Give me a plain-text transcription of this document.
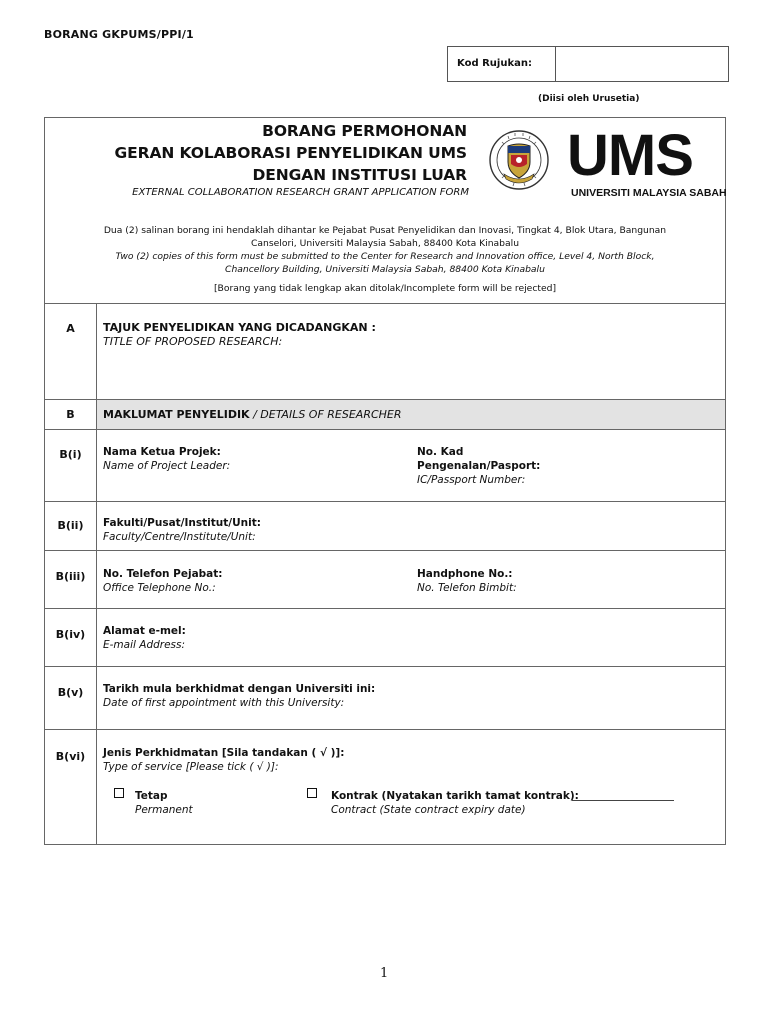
BORANG GKPUMS/PPI/1
Kod Rujukan:
(Diisi oleh Urusetia)
BORANG PERMOHONAN
GERAN KOLABORASI PENYELIDIKAN UMS
DENGAN INSTITUSI LUAR
EXTERNAL COLLABORATION RESEARCH GRANT APPLICATION FORM
UMS
UNIVERSITI MALAYSIA SABAH
Dua (2) salinan borang ini hendaklah dihantar ke Pejabat Pusat Penyelidikan dan Inovasi, Tingkat 4, Blok Utara, Bangunan
Canselori, Universiti Malaysia Sabah, 88400 Kota Kinabalu
Two (2) copies of this form must be submitted to the Center for Research and Innovation office, Level 4, North Block,
Chancellory Building, Universiti Malaysia Sabah, 88400 Kota Kinabalu
[Borang yang tidak lengkap akan ditolak/Incomplete form will be rejected]
A	TAJUK PENYELIDIKAN YANG DICADANGKAN :
TITLE OF PROPOSED RESEARCH:
B	MAKLUMAT PENYELIDIK / DETAILS OF RESEARCHER
B(i)	Nama Ketua Projek:
Name of Project Leader:
No. Kad
Pengenalan/Pasport:
IC/Passport Number:
B(ii)	Fakulti/Pusat/Institut/Unit:
Faculty/Centre/Institute/Unit:
B(iii)	No. Telefon Pejabat:
Office Telephone No.:
Handphone No.:
No. Telefon Bimbit:
B(iv)	Alamat e-mel:
E-mail Address:
B(v)	Tarikh mula berkhidmat dengan Universiti ini:
Date of first appointment with this University:
B(vi)	Jenis Perkhidmatan [Sila tandakan ( √ )]:
Type of service [Please tick ( √ )]:
Tetap
Permanent
Kontrak (Nyatakan tarikh tamat kontrak):
Contract (State contract expiry date)
1
